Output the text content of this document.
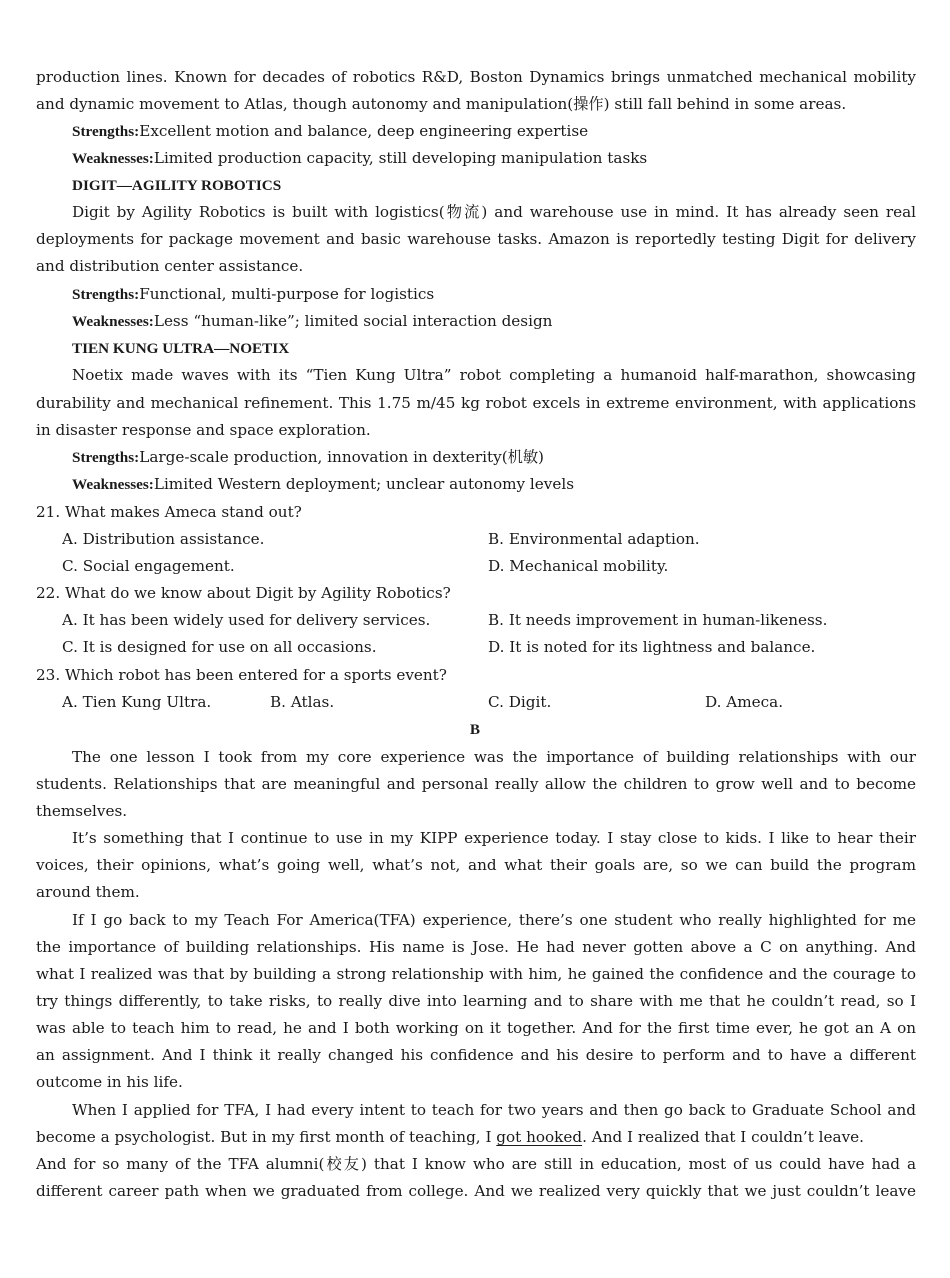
production lines. Known for decades of robotics R&D, Boston Dynamics brings unmatched mechanical mobility
and dynamic movement to Atlas, though autonomy and manipulation(操作) still fall behind in some areas.
Strengths:Excellent motion and balance, deep engineering expertise
Weaknesses:Limited production capacity, still developing manipulation tasks
DIGIT—AGILITY ROBOTICS
Digit by Agility Robotics is built with logistics(物流) and warehouse use in mind. It has already seen real
deployments for package movement and basic warehouse tasks. Amazon is reportedly testing Digit for delivery
and distribution center assistance.
Strengths:Functional, multi-purpose for logistics
Weaknesses:Less “human-like”; limited social interaction design
TIEN KUNG ULTRA—NOETIX
Noetix made waves with its “Tien Kung Ultra” robot completing a humanoid half-marathon, showcasing
durability and mechanical refinement. This 1.75 m/45 kg robot excels in extreme environment, with applications
in disaster response and space exploration.
Strengths:Large-scale production, innovation in dexterity(机敏)
Weaknesses:Limited Western deployment; unclear autonomy levels
21. What makes Ameca stand out?
A. Distribution assistance.	B. Environmental adaption.
C. Social engagement.	D. Mechanical mobility.
22. What do we know about Digit by Agility Robotics?
A. It has been widely used for delivery services.	B. It needs improvement in human-likeness.
C. It is designed for use on all occasions.	D. It is noted for its lightness and balance.
23. Which robot has been entered for a sports event?
A. Tien Kung Ultra.	B. Atlas.	C. Digit.	D. Ameca.
B
The one lesson I took from my core experience was the importance of building relationships with our
students. Relationships that are meaningful and personal really allow the children to grow well and to become
themselves.
It’s something that I continue to use in my KIPP experience today. I stay close to kids. I like to hear their
voices, their opinions, what’s going well, what’s not, and what their goals are, so we can build the program
around them.
If I go back to my Teach For America(TFA) experience, there’s one student who really highlighted for me
the importance of building relationships. His name is Jose. He had never gotten above a C on anything. And
what I realized was that by building a strong relationship with him, he gained the confidence and the courage to
try things differently, to take risks, to really dive into learning and to share with me that he couldn’t read, so I
was able to teach him to read, he and I both working on it together. And for the first time ever, he got an A on
an assignment. And I think it really changed his confidence and his desire to perform and to have a different
outcome in his life.
When I applied for TFA, I had every intent to teach for two years and then go back to Graduate School and
become a psychologist. But in my first month of teaching, I got hooked. And I realized that I couldn’t leave.
And for so many of the TFA alumni(校友) that I know who are still in education, most of us could have had a
different career path when we graduated from college. And we realized very quickly that we just couldn’t leave
